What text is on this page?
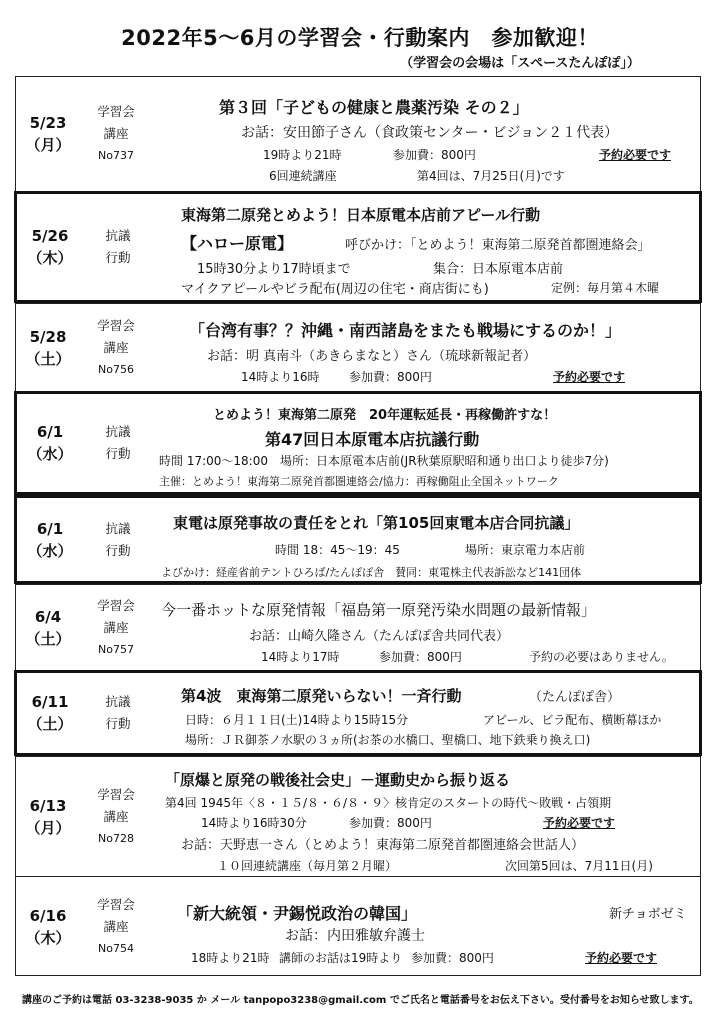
2022年5～6月の学習会・行動案内　参加歓迎！
（学習会の会場は「スペースたんぽぽ」）
5/23
（月）
学習会
講座
No737
第３回「子どもの健康と農薬汚染 その２」
お話：安田節子さん（食政策センター・ビジョン２１代表）
19時より21時	参加費：800円	予約必要です
6回連続講座	第4回は、7月25日(月)です
5/26
（木）
抗議
行動
東海第二原発とめよう！日本原電本店前アピール行動
【ハロー原電】	呼びかけ：「とめよう！東海第二原発首都圏連絡会」
15時30分より17時頃まで	集合：日本原電本店前
マイクアピールやビラ配布(周辺の住宅・商店街にも)	定例：毎月第４木曜
5/28
（土）
学習会
講座
No756
「台湾有事？？沖縄・南西諸島をまたも戦場にするのか！」
お話：明 真南斗（あきらまなと）さん（琉球新報記者）
14時より16時 参加費：800円	予約必要です
6/1
（水）
抗議
行動
とめよう！東海第二原発　20年運転延長・再稼働許すな！
第47回日本原電本店抗議行動
時間 17:00～18:00　場所：日本原電本店前(JR秋葉原駅昭和通り出口より徒歩7分)
主催：とめよう！東海第二原発首都圏連絡会/協力：再稼働阻止全国ネットワーク
6/1
（水）
抗議
行動
東電は原発事故の責任をとれ「第105回東電本店合同抗議」
時間 18：45～19：45	場所：東京電力本店前
よびかけ：経産省前テントひろば/たんぽぽ舎　賛同：東電株主代表訴訟など141団体
6/4
（土）
学習会
講座
No757
今一番ホットな原発情報「福島第一原発汚染水問題の最新情報」
お話：山崎久隆さん（たんぽぽ舎共同代表）
14時より17時	参加費：800円	予約の必要はありません。
6/11
（土）
抗議
行動
第4波　東海第二原発いらない！一斉行動	（たんぽぽ舎）
日時：６月１１日(土)14時より15時15分	アピール、ビラ配布、横断幕ほか
場所：ＪＲ御茶ノ水駅の３ヵ所(お茶の水橋口、聖橋口、地下鉄乗り換え口)
6/13
（月）
学習会
講座
No728
「原爆と原発の戦後社会史」－運動史から振り返る
第4回 1945年〈８・１５/８・６/８・９〉核肯定のスタートの時代～敗戦・占領期
14時より16時30分	参加費：800円	予約必要です
お話：天野恵一さん（とめよう！東海第二原発首都圏連絡会世話人）
１０回連続講座（毎月第２月曜）	次回第5回は、7月11日(月)
6/16
（木）
学習会
講座
No754
「新大統領・尹錫悦政治の韓国」	新チョボゼミ
お話：内田雅敏弁護士
18時より21時 講師のお話は19時より 参加費：800円	予約必要です
講座のご予約は電話 03-3238-9035 か メール tanpopo3238@gmail.com でご氏名と電話番号をお伝え下さい。受付番号をお知らせ致します。
